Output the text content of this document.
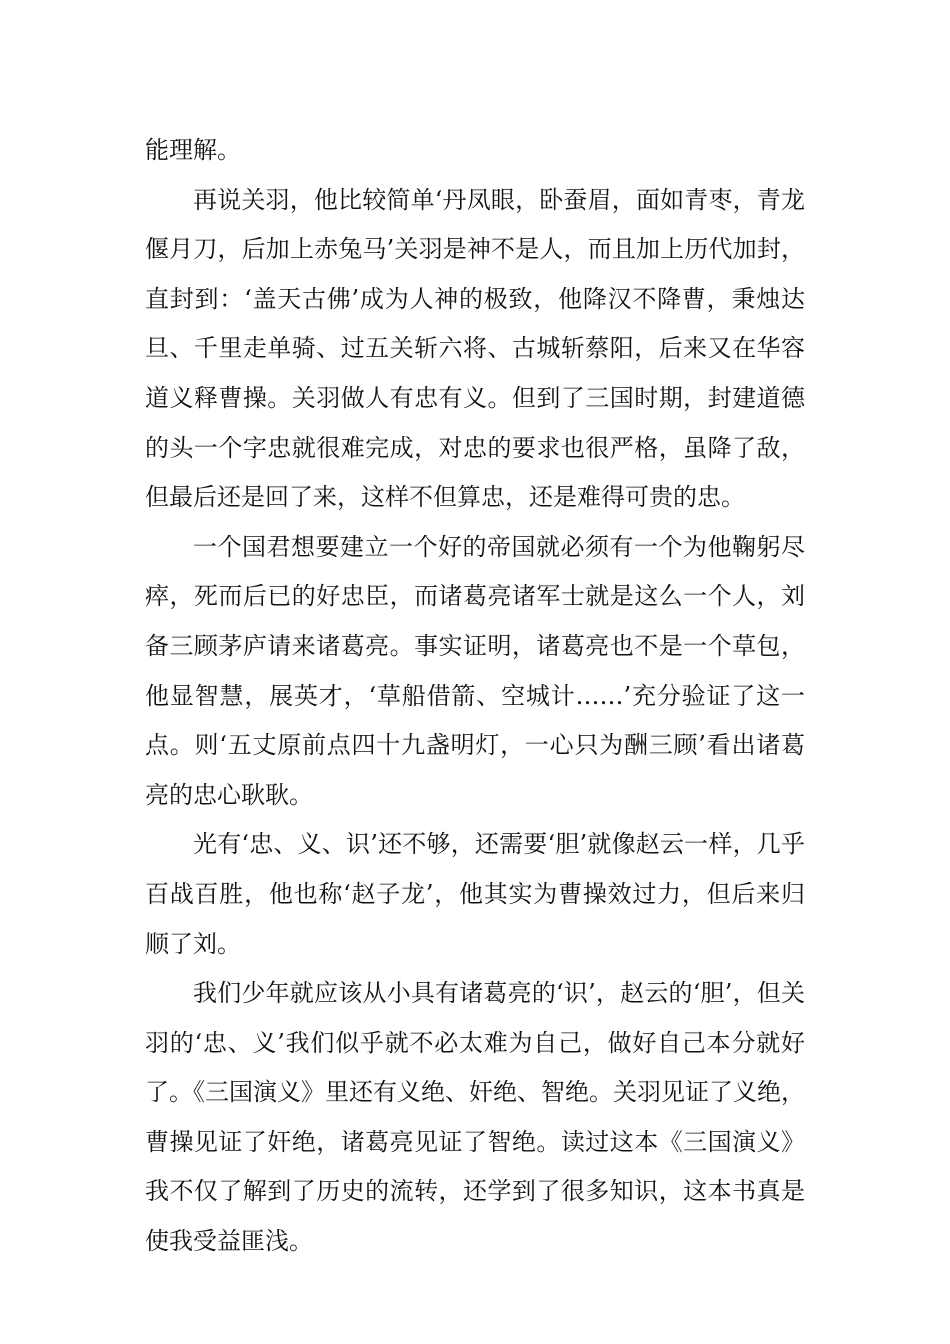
能理解。

再说关羽，他比较简单‘丹凤眼，卧蚕眉，面如青枣，青龙偃月刀，后加上赤兔马’关羽是神不是人，而且加上历代加封，直封到：‘盖天古佛’成为人神的极致，他降汉不降曹，秉烛达旦、千里走单骑、过五关斩六将、古城斩蔡阳，后来又在华容道义释曹操。关羽做人有忠有义。但到了三国时期，封建道德的头一个字忠就很难完成，对忠的要求也很严格，虽降了敌，但最后还是回了来，这样不但算忠，还是难得可贵的忠。

一个国君想要建立一个好的帝国就必须有一个为他鞠躬尽瘁，死而后已的好忠臣，而诸葛亮诸军士就是这么一个人，刘备三顾茅庐请来诸葛亮。事实证明，诸葛亮也不是一个草包，他显智慧，展英才，‘草船借箭、空城计……’充分验证了这一点。则‘五丈原前点四十九盏明灯，一心只为酬三顾’看出诸葛亮的忠心耿耿。

光有‘忠、义、识’还不够，还需要‘胆’就像赵云一样，几乎百战百胜，他也称‘赵子龙’，他其实为曹操效过力，但后来归顺了刘。

我们少年就应该从小具有诸葛亮的‘识’，赵云的‘胆’，但关羽的‘忠、义’我们似乎就不必太难为自己，做好自己本分就好了。《三国演义》里还有义绝、奸绝、智绝。关羽见证了义绝，曹操见证了奸绝，诸葛亮见证了智绝。读过这本《三国演义》我不仅了解到了历史的流转，还学到了很多知识，这本书真是使我受益匪浅。
